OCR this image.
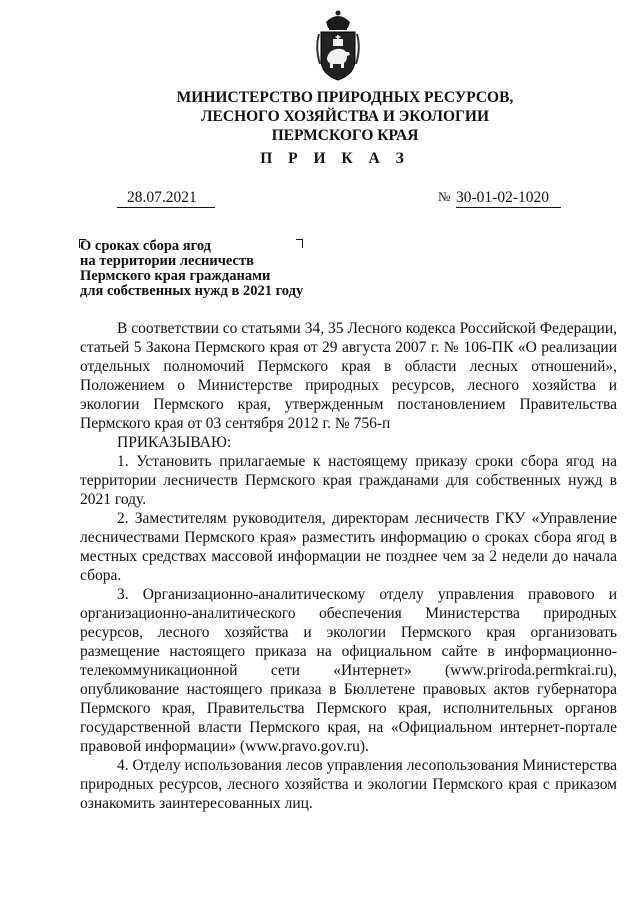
МИНИСТЕРСТВО ПРИРОДНЫХ РЕСУРСОВ,
ЛЕСНОГО ХОЗЯЙСТВА И ЭКОЛОГИИ
ПЕРМСКОГО КРАЯ
П Р И К А З
28.07.2021	№ 30-01-02-1020
О сроках сбора ягод
на территории лесничеств
Пермского края гражданами
для собственных нужд в 2021 году

В соответствии со статьями 34, 35 Лесного кодекса Российской Федерации, статьей 5 Закона Пермского края от 29 августа 2007 г. № 106-ПК «О реализации отдельных полномочий Пермского края в области лесных отношений», Положением о Министерстве природных ресурсов, лесного хозяйства и экологии Пермского края, утвержденным постановлением Правительства Пермского края от 03 сентября 2012 г. № 756-п

ПРИКАЗЫВАЮ:

1. Установить прилагаемые к настоящему приказу сроки сбора ягод на территории лесничеств Пермского края гражданами для собственных нужд в 2021 году.

2. Заместителям руководителя, директорам лесничеств ГКУ «Управление лесничествами Пермского края» разместить информацию о сроках сбора ягод в местных средствах массовой информации не позднее чем за 2 недели до начала сбора.

3. Организационно-аналитическому отделу управления правового и организационно-аналитического обеспечения Министерства природных ресурсов, лесного хозяйства и экологии Пермского края организовать размещение настоящего приказа на официальном сайте в информационно-телекоммуникационной сети «Интернет» (www.priroda.permkrai.ru), опубликование настоящего приказа в Бюллетене правовых актов губернатора Пермского края, Правительства Пермского края, исполнительных органов государственной власти Пермского края, на «Официальном интернет-портале правовой информации» (www.pravo.gov.ru).

4. Отделу использования лесов управления лесопользования Министерства природных ресурсов, лесного хозяйства и экологии Пермского края с приказом ознакомить заинтересованных лиц.
